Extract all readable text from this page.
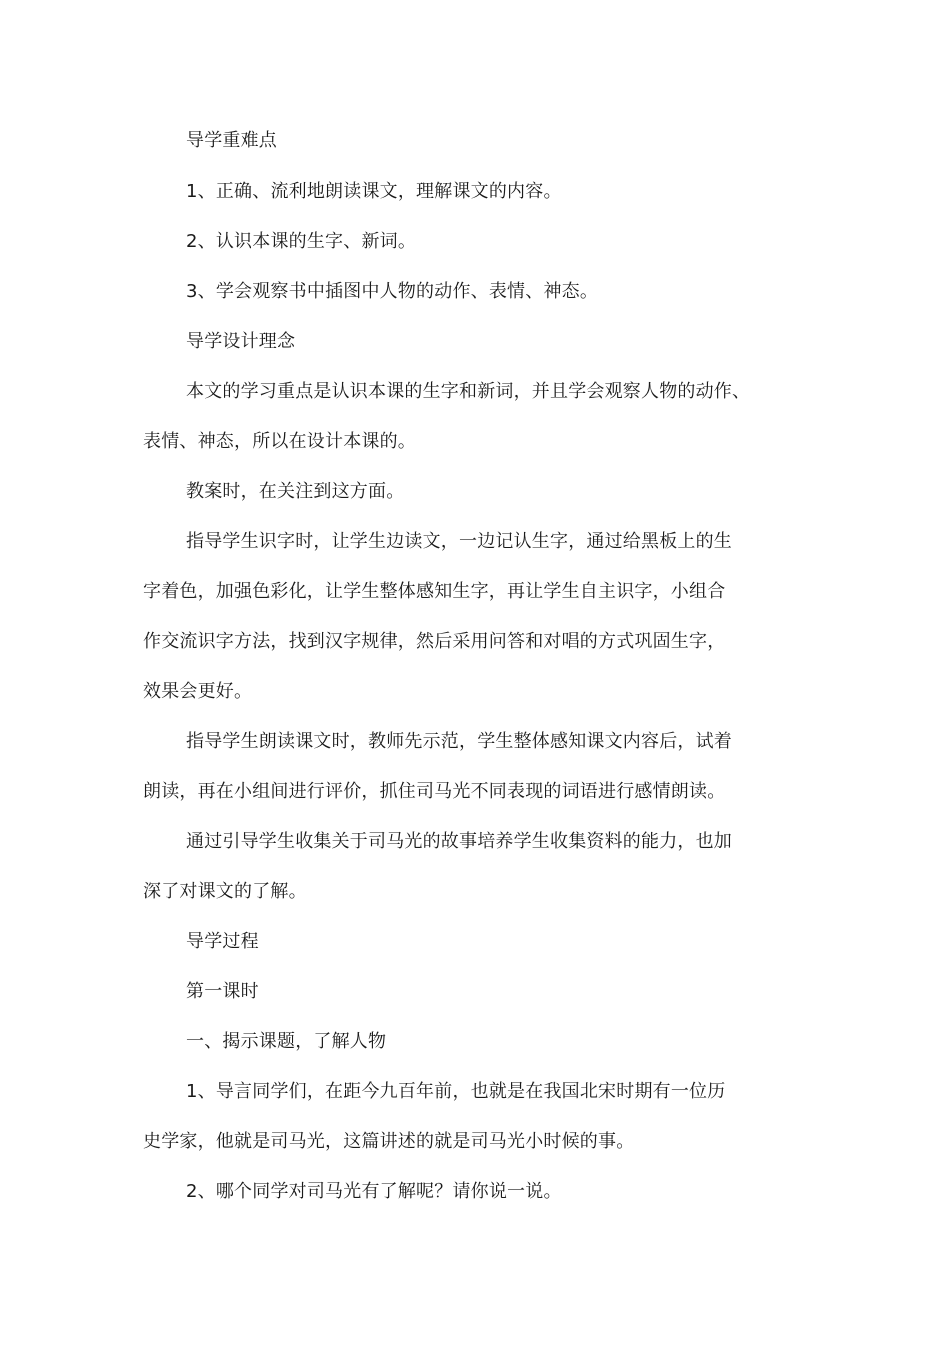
导学重难点
1、正确、流利地朗读课文，理解课文的内容。
2、认识本课的生字、新词。
3、学会观察书中插图中人物的动作、表情、神态。
导学设计理念
本文的学习重点是认识本课的生字和新词，并且学会观察人物的动作、
表情、神态，所以在设计本课的。
教案时，在关注到这方面。
指导学生识字时，让学生边读文，一边记认生字，通过给黑板上的生
字着色，加强色彩化，让学生整体感知生字，再让学生自主识字，小组合
作交流识字方法，找到汉字规律，然后采用问答和对唱的方式巩固生字，
效果会更好。
指导学生朗读课文时，教师先示范，学生整体感知课文内容后，试着
朗读，再在小组间进行评价，抓住司马光不同表现的词语进行感情朗读。
通过引导学生收集关于司马光的故事培养学生收集资料的能力，也加
深了对课文的了解。
导学过程
第一课时
一、揭示课题，了解人物
1、导言同学们，在距今九百年前，也就是在我国北宋时期有一位历
史学家，他就是司马光，这篇讲述的就是司马光小时候的事。
2、哪个同学对司马光有了解呢？请你说一说。
